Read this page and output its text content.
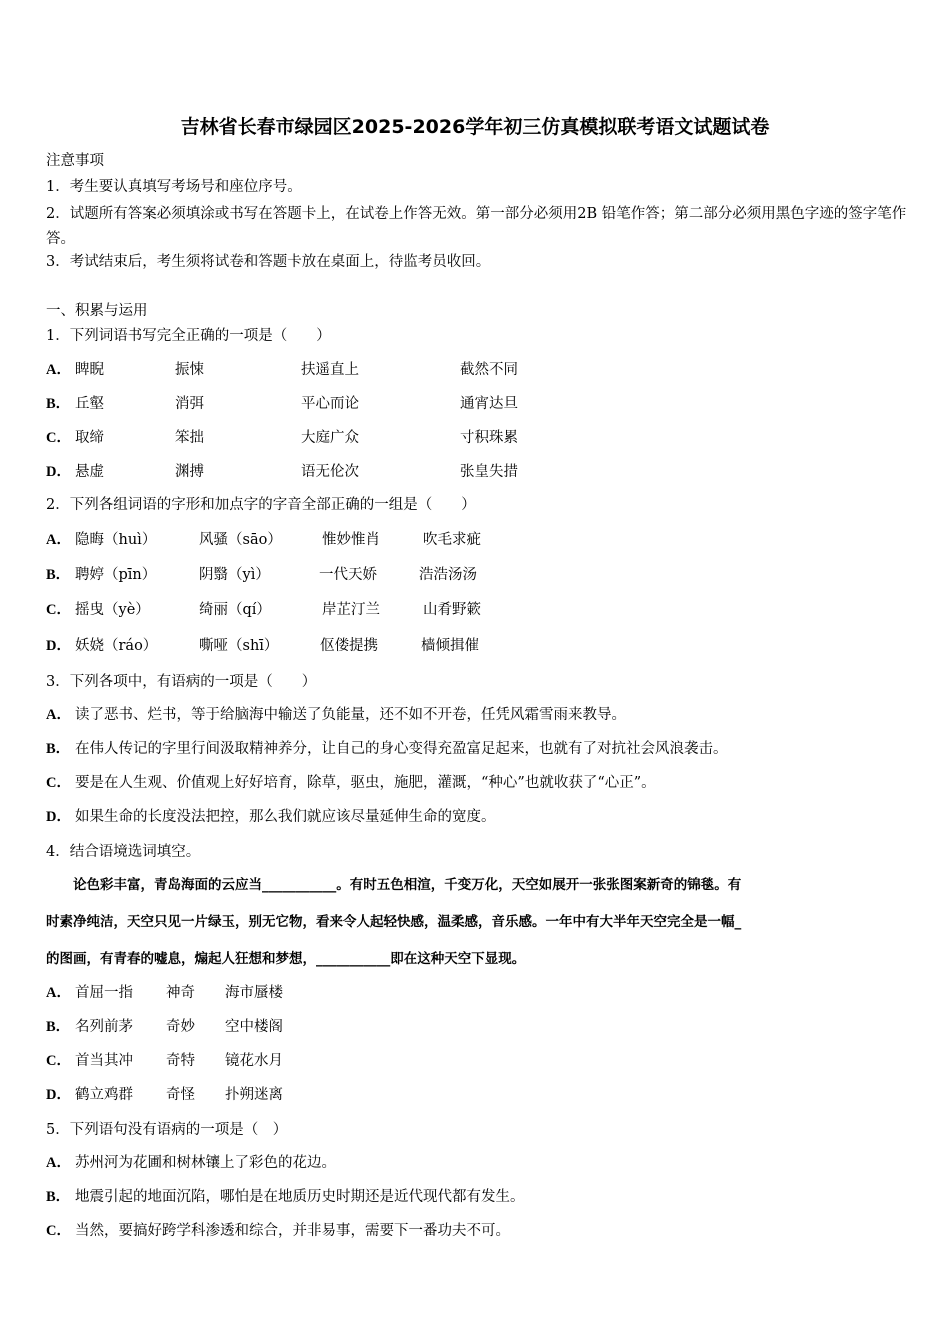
吉林省长春市绿园区2025-2026学年初三仿真模拟联考语文试题试卷
注意事项
1．考生要认真填写考场号和座位序号。
2．试题所有答案必须填涂或书写在答题卡上，在试卷上作答无效。第一部分必须用2B 铅笔作答；第二部分必须用黑色字迹的签字笔作答。
3．考试结束后，考生须将试卷和答题卡放在桌面上，待监考员收回。
一、积累与运用
1．下列词语书写完全正确的一项是（　　）
A． 睥睨	振悚	扶遥直上	截然不同
B． 丘壑	消弭	平心而论	通宵达旦
C． 取缔	笨拙	大庭广众	寸积珠累
D． 悬虚	渊搏	语无伦次	张皇失措
2．下列各组词语的字形和加点字的字音全部正确的一组是（　　）
A． 隐晦（huì）	风骚（sāo）	惟妙惟肖	吹毛求疵
B． 聘婷（pīn）	阴翳（yì）	一代天娇	浩浩汤汤
C． 摇曳（yè）	绮丽（qí）	岸芷汀兰	山肴野簌
D． 妖娆（ráo）	嘶哑（shī）	伛偻提携	樯倾揖催
3．下列各项中，有语病的一项是（　　）
A． 读了恶书、烂书，等于给脑海中输送了负能量，还不如不开卷，任凭风霜雪雨来教导。
B． 在伟人传记的字里行间汲取精神养分，让自己的身心变得充盈富足起来，也就有了对抗社会风浪袭击。
C． 要是在人生观、价值观上好好培育，除草，驱虫，施肥，灌溉，“种心”也就收获了“心正”。
D． 如果生命的长度没法把控，那么我们就应该尽量延伸生命的宽度。
4．结合语境选词填空。
　　论色彩丰富，青岛海面的云应当___________。有时五色相渲，千变万化，天空如展开一张张图案新奇的锦毯。有
时素净纯洁，天空只见一片绿玉，别无它物，看来令人起轻快感，温柔感，音乐感。一年中有大半年天空完全是一幅_
的图画，有青春的嘘息，煽起人狂想和梦想，___________即在这种天空下显现。
A． 首屈一指 神奇 海市蜃楼
B． 名列前茅 奇妙 空中楼阁
C． 首当其冲 奇特 镜花水月
D． 鹤立鸡群 奇怪 扑朔迷离
5．下列语句没有语病的一项是（　）
A． 苏州河为花圃和树林镶上了彩色的花边。
B． 地震引起的地面沉陷，哪怕是在地质历史时期还是近代现代都有发生。
C． 当然，要搞好跨学科渗透和综合，并非易事，需要下一番功夫不可。
